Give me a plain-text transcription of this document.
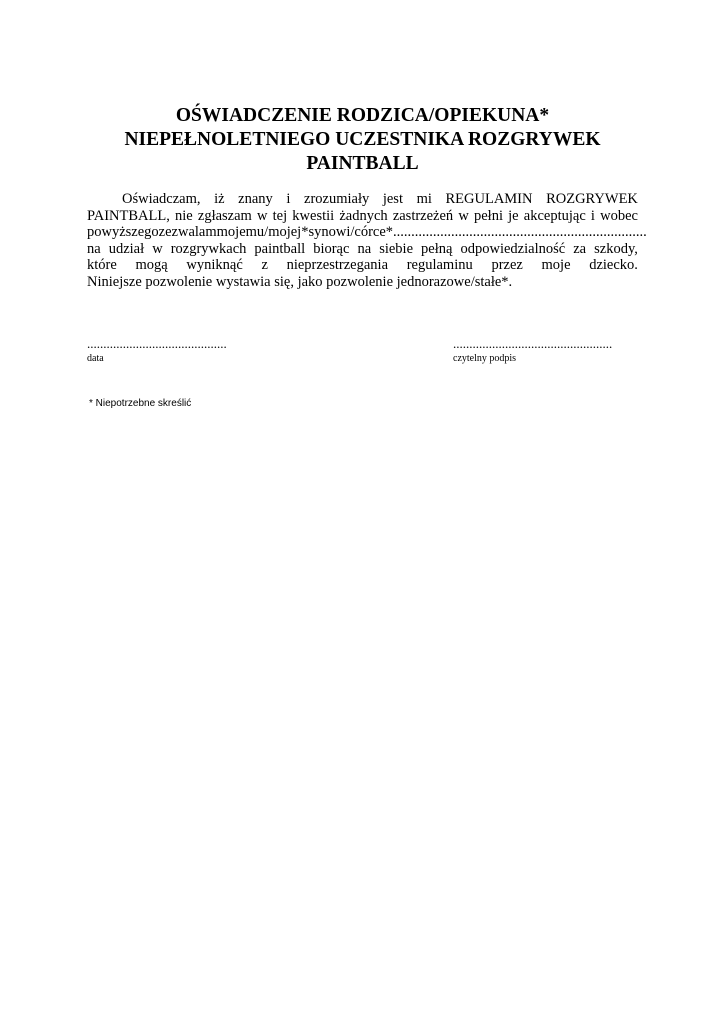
OŚWIADCZENIE RODZICA/OPIEKUNA*
NIEPEŁNOLETNIEGO UCZESTNIKA ROZGRYWEK
PAINTBALL
Oświadczam, iż znany i zrozumiały jest mi REGULAMIN ROZGRYWEK
PAINTBALL, nie zgłaszam w tej kwestii żadnych zastrzeżeń w pełni je akceptując i wobec
powyższego zezwalam mojemu/mojej* synowi/córce* ......................................................................
na udział w rozgrywkach paintball biorąc na siebie pełną odpowiedzialność za szkody,
które mogą wyniknąć z nieprzestrzegania regulaminu przez moje dziecko.
Niniejsze pozwolenie wystawia się, jako pozwolenie jednorazowe/stałe*.
...........................................
data
.................................................
czytelny podpis
* Niepotrzebne skreślić
